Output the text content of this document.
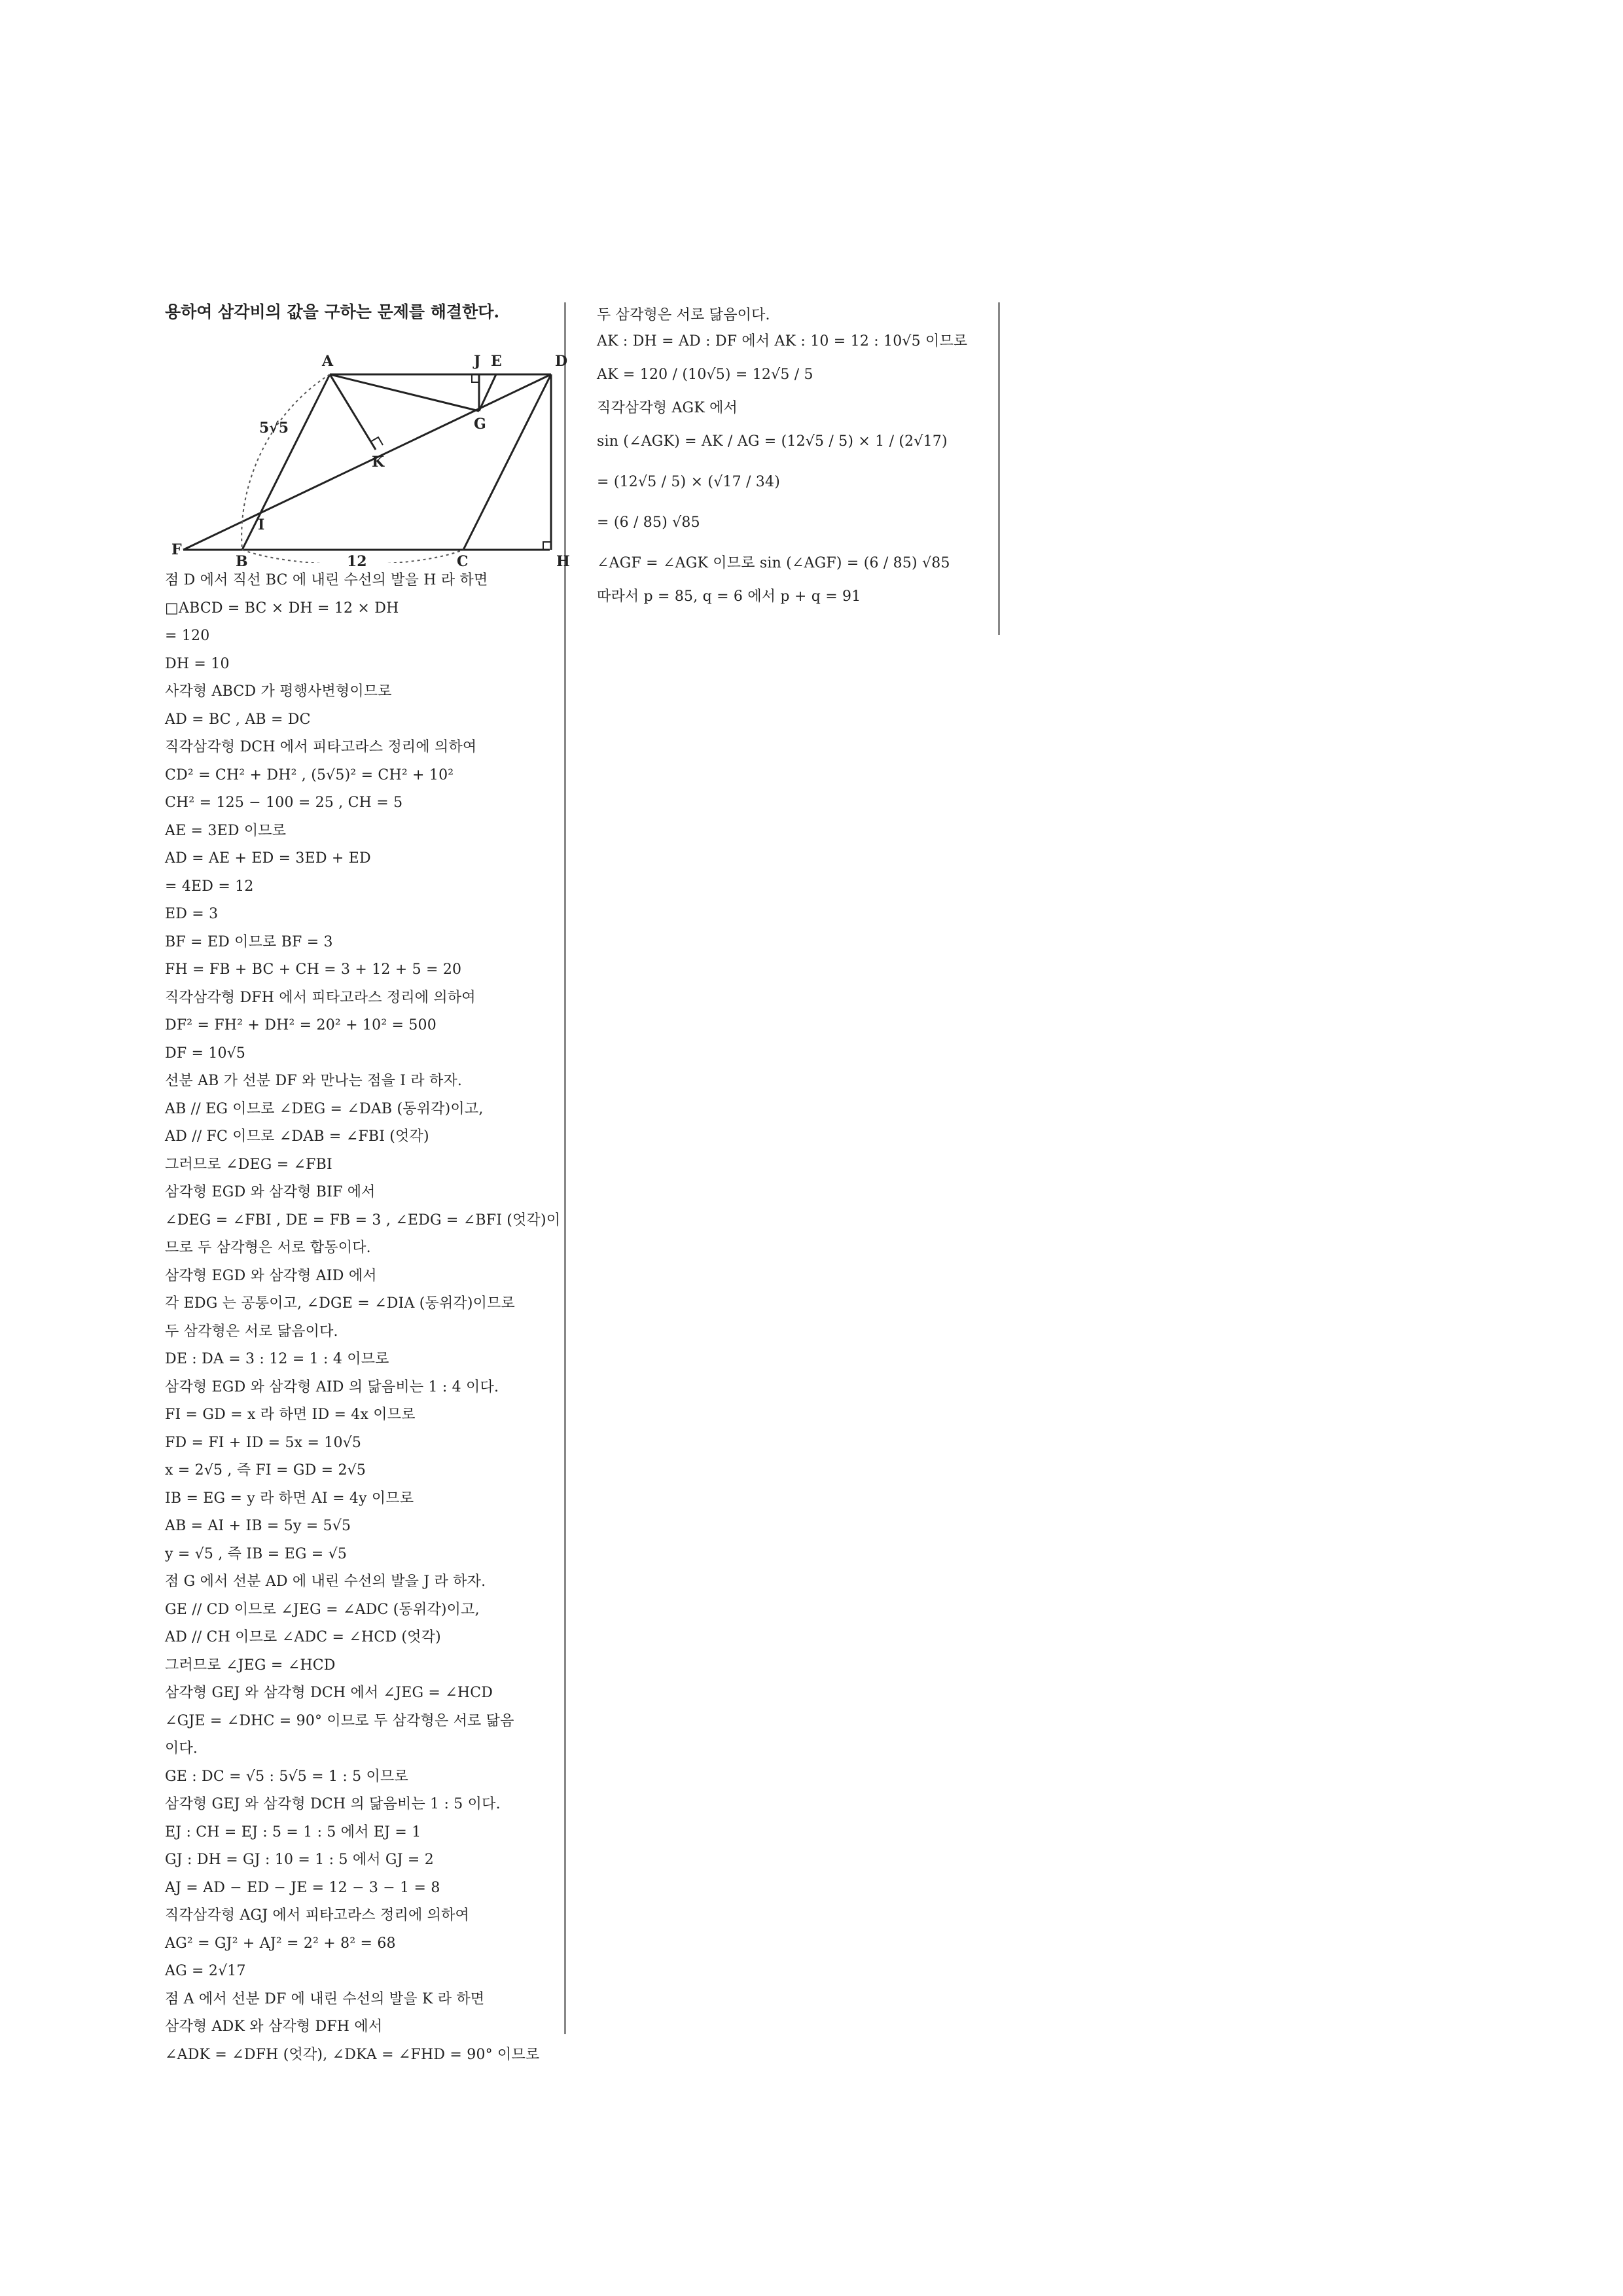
용하여 삼각비의 값을 구하는 문제를 해결한다.
A	J E	D
G
K
5√5
I
F
B	12	C	H
점 D 에서 직선 BC 에 내린 수선의 발을 H 라 하면
□ABCD = BC × DH = 12 × DH
= 120
DH = 10
사각형 ABCD 가 평행사변형이므로
AD = BC , AB = DC
직각삼각형 DCH 에서 피타고라스 정리에 의하여
CD² = CH² + DH² , (5√5)² = CH² + 10²
CH² = 125 − 100 = 25 , CH = 5
AE = 3ED 이므로
AD = AE + ED = 3ED + ED
= 4ED = 12
ED = 3
BF = ED 이므로 BF = 3
FH = FB + BC + CH = 3 + 12 + 5 = 20
직각삼각형 DFH 에서 피타고라스 정리에 의하여
DF² = FH² + DH² = 20² + 10² = 500
DF = 10√5
선분 AB 가 선분 DF 와 만나는 점을 I 라 하자.
AB // EG 이므로 ∠DEG = ∠DAB (동위각)이고,
AD // FC 이므로 ∠DAB = ∠FBI (엇각)
그러므로 ∠DEG = ∠FBI
삼각형 EGD 와 삼각형 BIF 에서
∠DEG = ∠FBI , DE = FB = 3 , ∠EDG = ∠BFI (엇각)이
므로 두 삼각형은 서로 합동이다.
삼각형 EGD 와 삼각형 AID 에서
각 EDG 는 공통이고, ∠DGE = ∠DIA (동위각)이므로
두 삼각형은 서로 닮음이다.
DE : DA = 3 : 12 = 1 : 4 이므로
삼각형 EGD 와 삼각형 AID 의 닮음비는 1 : 4 이다.
FI = GD = x 라 하면 ID = 4x 이므로
FD = FI + ID = 5x = 10√5
x = 2√5 , 즉 FI = GD = 2√5
IB = EG = y 라 하면 AI = 4y 이므로
AB = AI + IB = 5y = 5√5
y = √5 , 즉 IB = EG = √5
점 G 에서 선분 AD 에 내린 수선의 발을 J 라 하자.
GE // CD 이므로 ∠JEG = ∠ADC (동위각)이고,
AD // CH 이므로 ∠ADC = ∠HCD (엇각)
그러므로 ∠JEG = ∠HCD
삼각형 GEJ 와 삼각형 DCH 에서 ∠JEG = ∠HCD
∠GJE = ∠DHC = 90° 이므로 두 삼각형은 서로 닮음
이다.
GE : DC = √5 : 5√5 = 1 : 5 이므로
삼각형 GEJ 와 삼각형 DCH 의 닮음비는 1 : 5 이다.
EJ : CH = EJ : 5 = 1 : 5 에서 EJ = 1
GJ : DH = GJ : 10 = 1 : 5 에서 GJ = 2
AJ = AD − ED − JE = 12 − 3 − 1 = 8
직각삼각형 AGJ 에서 피타고라스 정리에 의하여
AG² = GJ² + AJ² = 2² + 8² = 68
AG = 2√17
점 A 에서 선분 DF 에 내린 수선의 발을 K 라 하면
삼각형 ADK 와 삼각형 DFH 에서
∠ADK = ∠DFH (엇각), ∠DKA = ∠FHD = 90° 이므로
두 삼각형은 서로 닮음이다.
AK : DH = AD : DF 에서 AK : 10 = 12 : 10√5 이므로
AK = 120 / (10√5) = 12√5 / 5
직각삼각형 AGK 에서
sin (∠AGK) = AK / AG = (12√5 / 5) × 1 / (2√17)
= (12√5 / 5) × (√17 / 34)
= (6 / 85) √85
∠AGF = ∠AGK 이므로 sin (∠AGF) = (6 / 85) √85
따라서 p = 85, q = 6 에서 p + q = 91
